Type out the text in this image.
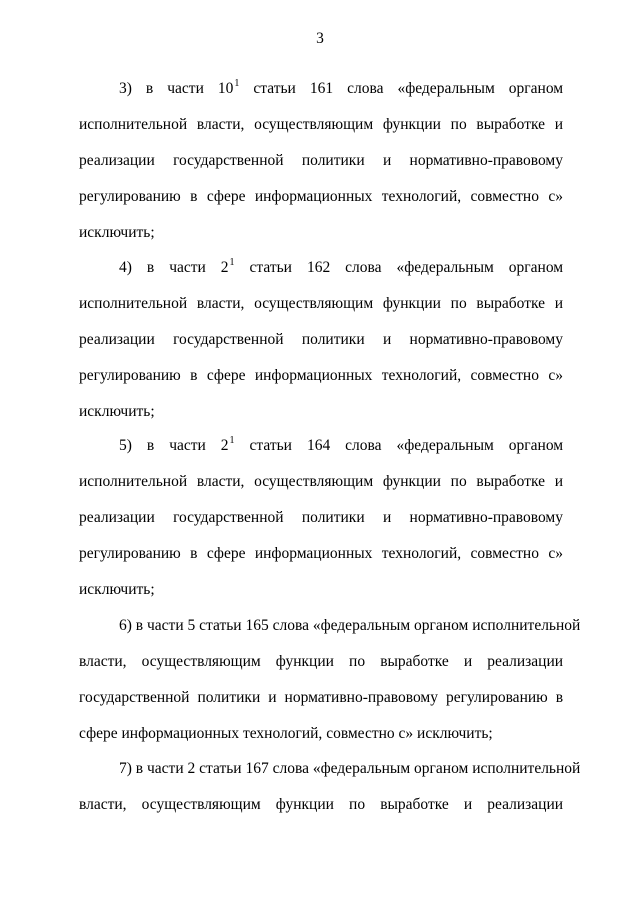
3
3) в части $10^1$ статьи 161 слова «федеральным органом
исполнительной власти, осуществляющим функции по выработке и
реализации государственной политики и нормативно-правовому
регулированию в сфере информационных технологий, совместно с»
исключить;
4) в части $2^1$ статьи 162 слова «федеральным органом
исполнительной власти, осуществляющим функции по выработке и
реализации государственной политики и нормативно-правовому
регулированию в сфере информационных технологий, совместно с»
исключить;
5) в части $2^1$ статьи 164 слова «федеральным органом
исполнительной власти, осуществляющим функции по выработке и
реализации государственной политики и нормативно-правовому
регулированию в сфере информационных технологий, совместно с»
исключить;
6) в части 5 статьи 165 слова «федеральным органом исполнительной
власти, осуществляющим функции по выработке и реализации
государственной политики и нормативно-правовому регулированию в
сфере информационных технологий, совместно с» исключить;
7) в части 2 статьи 167 слова «федеральным органом исполнительной
власти, осуществляющим функции по выработке и реализации
